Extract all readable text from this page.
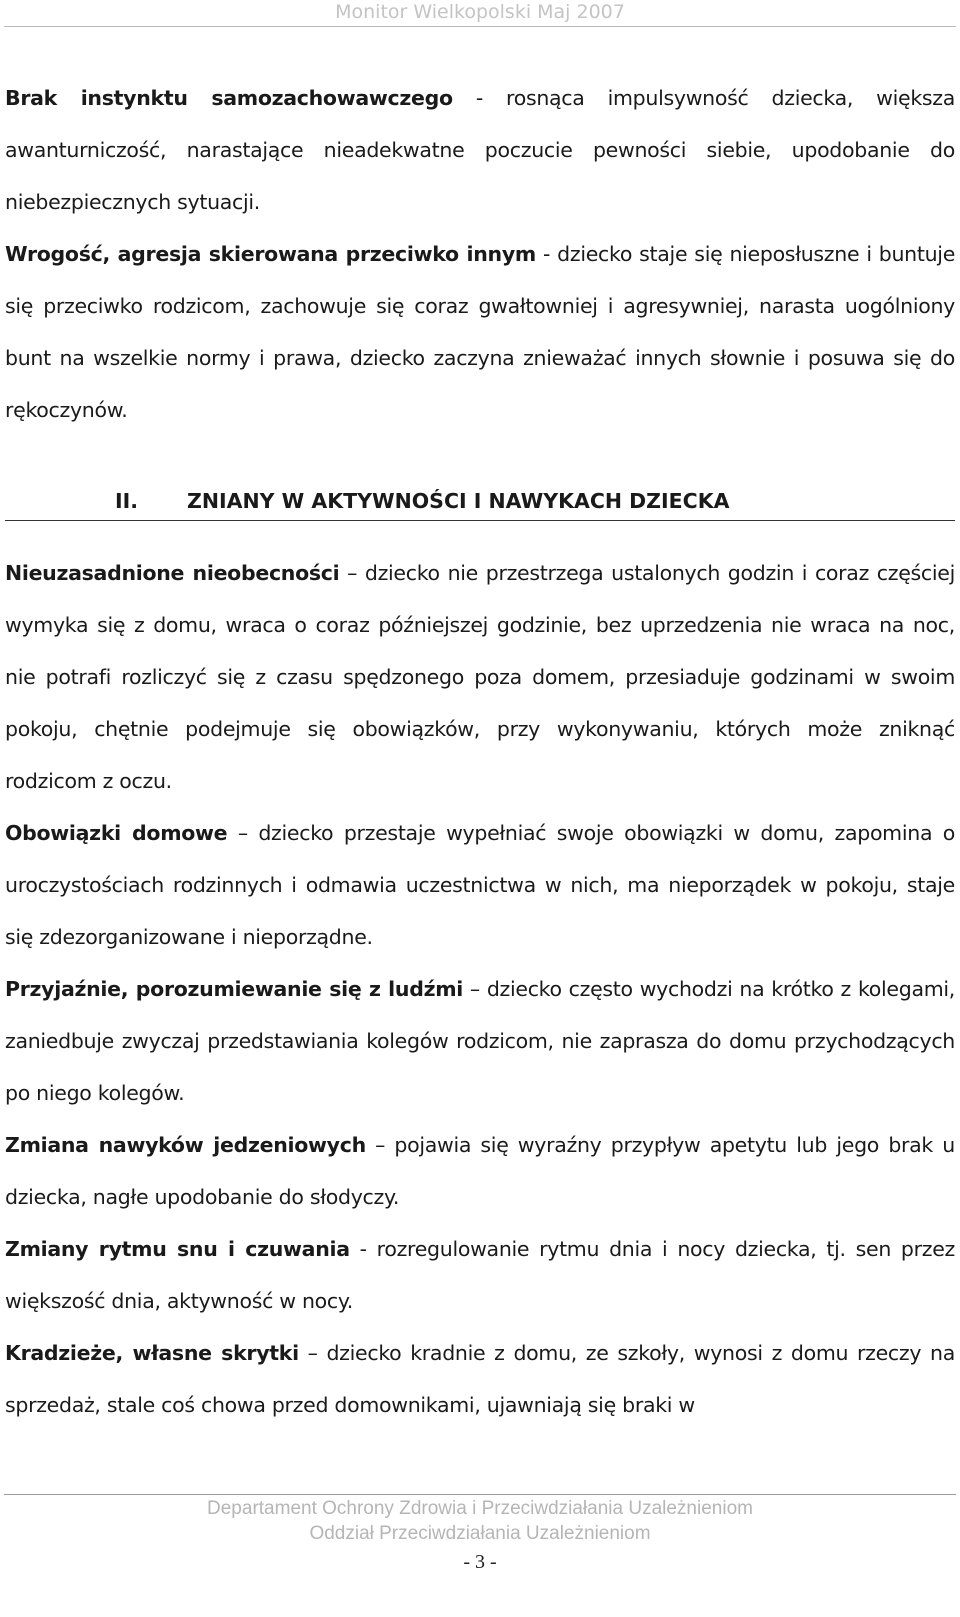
Monitor Wielkopolski Maj 2007

Brak instynktu samozachowawczego - rosnąca impulsywność dziecka, większa awanturniczość, narastające nieadekwatne poczucie pewności siebie, upodobanie do niebezpiecznych sytuacji.

Wrogość, agresja skierowana przeciwko innym - dziecko staje się nieposłuszne i buntuje się przeciwko rodzicom, zachowuje się coraz gwałtowniej i agresywniej, narasta uogólniony bunt na wszelkie normy i prawa, dziecko zaczyna znieważać innych słownie i posuwa się do rękoczynów.

II. ZNIANY W AKTYWNOŚCI I NAWYKACH DZIECKA

Nieuzasadnione nieobecności – dziecko nie przestrzega ustalonych godzin i coraz częściej wymyka się z domu, wraca o coraz późniejszej godzinie, bez uprzedzenia nie wraca na noc, nie potrafi rozliczyć się z czasu spędzonego poza domem, przesiaduje godzinami w swoim pokoju, chętnie podejmuje się obowiązków, przy wykonywaniu, których może zniknąć rodzicom z oczu.

Obowiązki domowe – dziecko przestaje wypełniać swoje obowiązki w domu, zapomina o uroczystościach rodzinnych i odmawia uczestnictwa w nich, ma nieporządek w pokoju, staje się zdezorganizowane i nieporządne.

Przyjaźnie, porozumiewanie się z ludźmi – dziecko często wychodzi na krótko z kolegami, zaniedbuje zwyczaj przedstawiania kolegów rodzicom, nie zaprasza do domu przychodzących po niego kolegów.

Zmiana nawyków jedzeniowych – pojawia się wyraźny przypływ apetytu lub jego brak u dziecka, nagłe upodobanie do słodyczy.

Zmiany rytmu snu i czuwania - rozregulowanie rytmu dnia i nocy dziecka, tj. sen przez większość dnia, aktywność w nocy.

Kradzieże, własne skrytki – dziecko kradnie z domu, ze szkoły, wynosi z domu rzeczy na sprzedaż, stale coś chowa przed domownikami, ujawniają się braki w

Departament Ochrony Zdrowia i Przeciwdziałania Uzależnieniom
Oddział Przeciwdziałania Uzależnieniom
- 3 -
